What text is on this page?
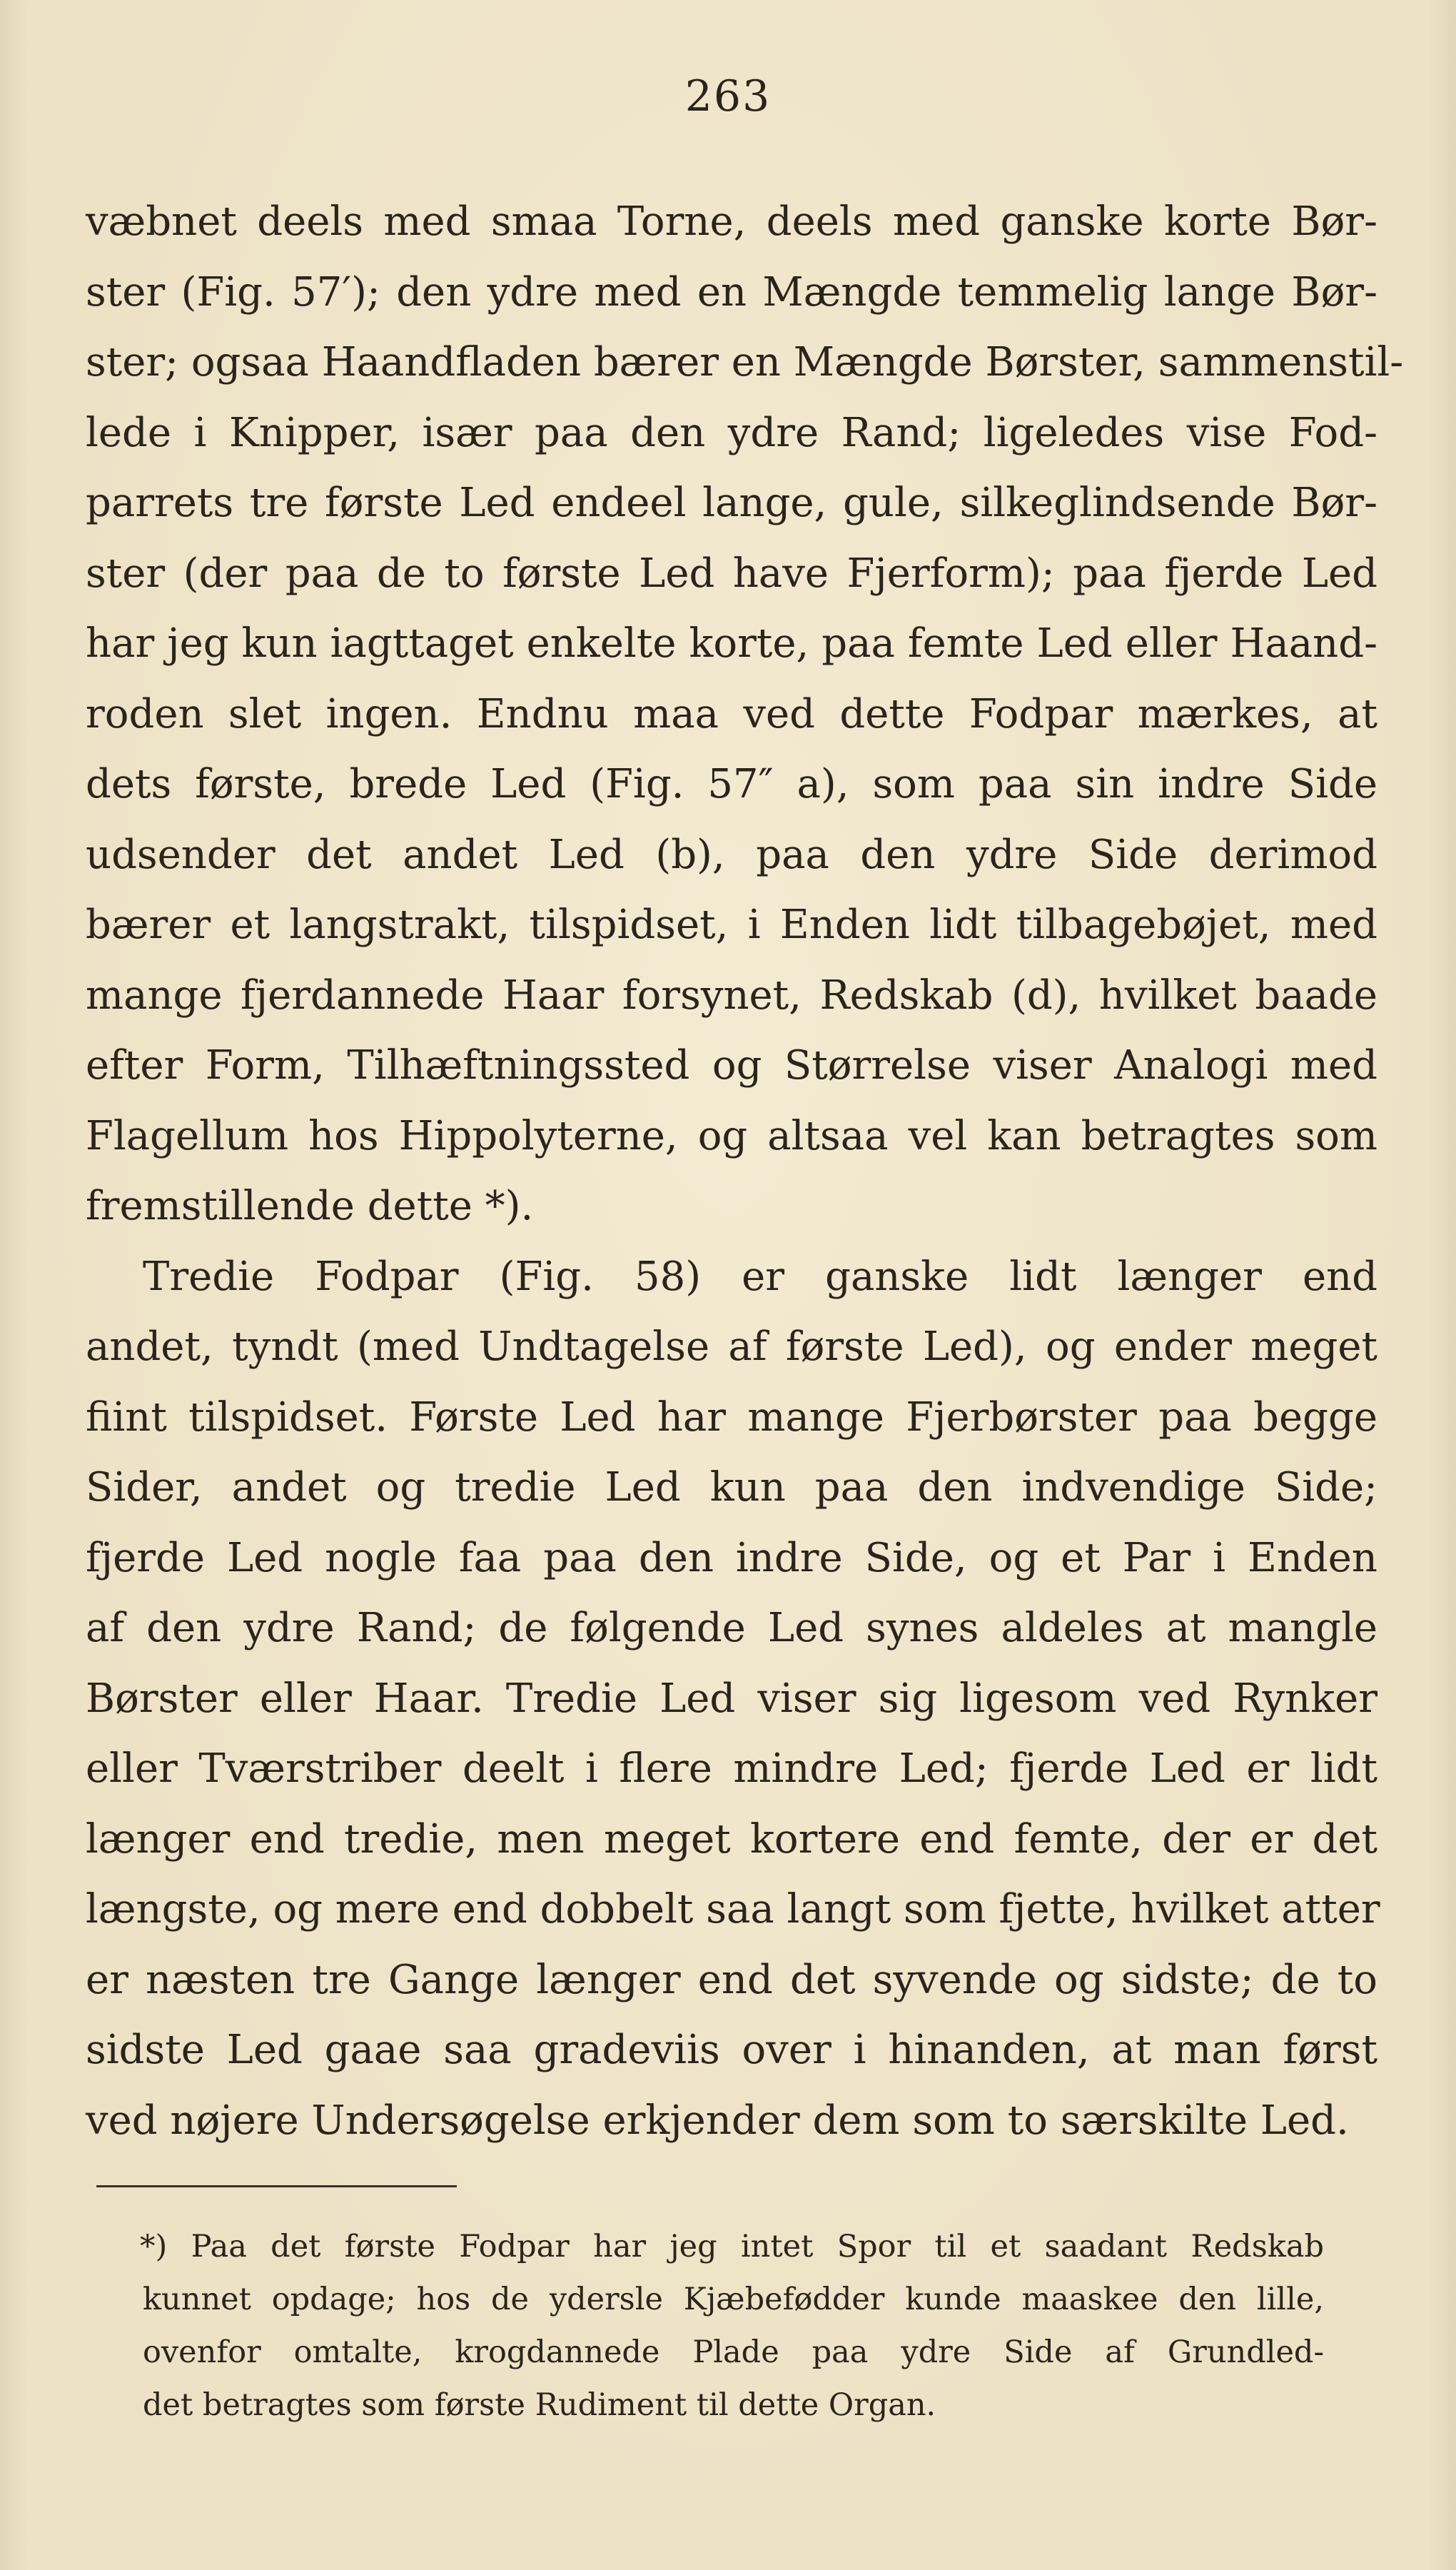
263
væbnet deels med smaa Torne, deels med ganske korte Bør-
ster (Fig. 57′); den ydre med en Mængde temmelig lange Bør-
ster; ogsaa Haandfladen bærer en Mængde Børster, sammenstil-
lede i Knipper, især paa den ydre Rand; ligeledes vise Fod-
parrets tre første Led endeel lange, gule, silkeglindsende Bør-
ster (der paa de to første Led have Fjerform); paa fjerde Led
har jeg kun iagttaget enkelte korte, paa femte Led eller Haand-
roden slet ingen. Endnu maa ved dette Fodpar mærkes, at
dets første, brede Led (Fig. 57″ a), som paa sin indre Side
udsender det andet Led (b), paa den ydre Side derimod
bærer et langstrakt, tilspidset, i Enden lidt tilbagebøjet, med
mange fjerdannede Haar forsynet, Redskab (d), hvilket baade
efter Form, Tilhæftningssted og Størrelse viser Analogi med
Flagellum hos Hippolyterne, og altsaa vel kan betragtes som
fremstillende dette *).
Tredie Fodpar (Fig. 58) er ganske lidt længer end
andet, tyndt (med Undtagelse af første Led), og ender meget
fiint tilspidset. Første Led har mange Fjerbørster paa begge
Sider, andet og tredie Led kun paa den indvendige Side;
fjerde Led nogle faa paa den indre Side, og et Par i Enden
af den ydre Rand; de følgende Led synes aldeles at mangle
Børster eller Haar. Tredie Led viser sig ligesom ved Rynker
eller Tværstriber deelt i flere mindre Led; fjerde Led er lidt
længer end tredie, men meget kortere end femte, der er det
længste, og mere end dobbelt saa langt som fjette, hvilket atter
er næsten tre Gange længer end det syvende og sidste; de to
sidste Led gaae saa gradeviis over i hinanden, at man først
ved nøjere Undersøgelse erkjender dem som to særskilte Led.
*) Paa det første Fodpar har jeg intet Spor til et saadant Redskab
kunnet opdage; hos de ydersle Kjæbefødder kunde maaskee den lille,
ovenfor omtalte, krogdannede Plade paa ydre Side af Grundled-
det betragtes som første Rudiment til dette Organ.
